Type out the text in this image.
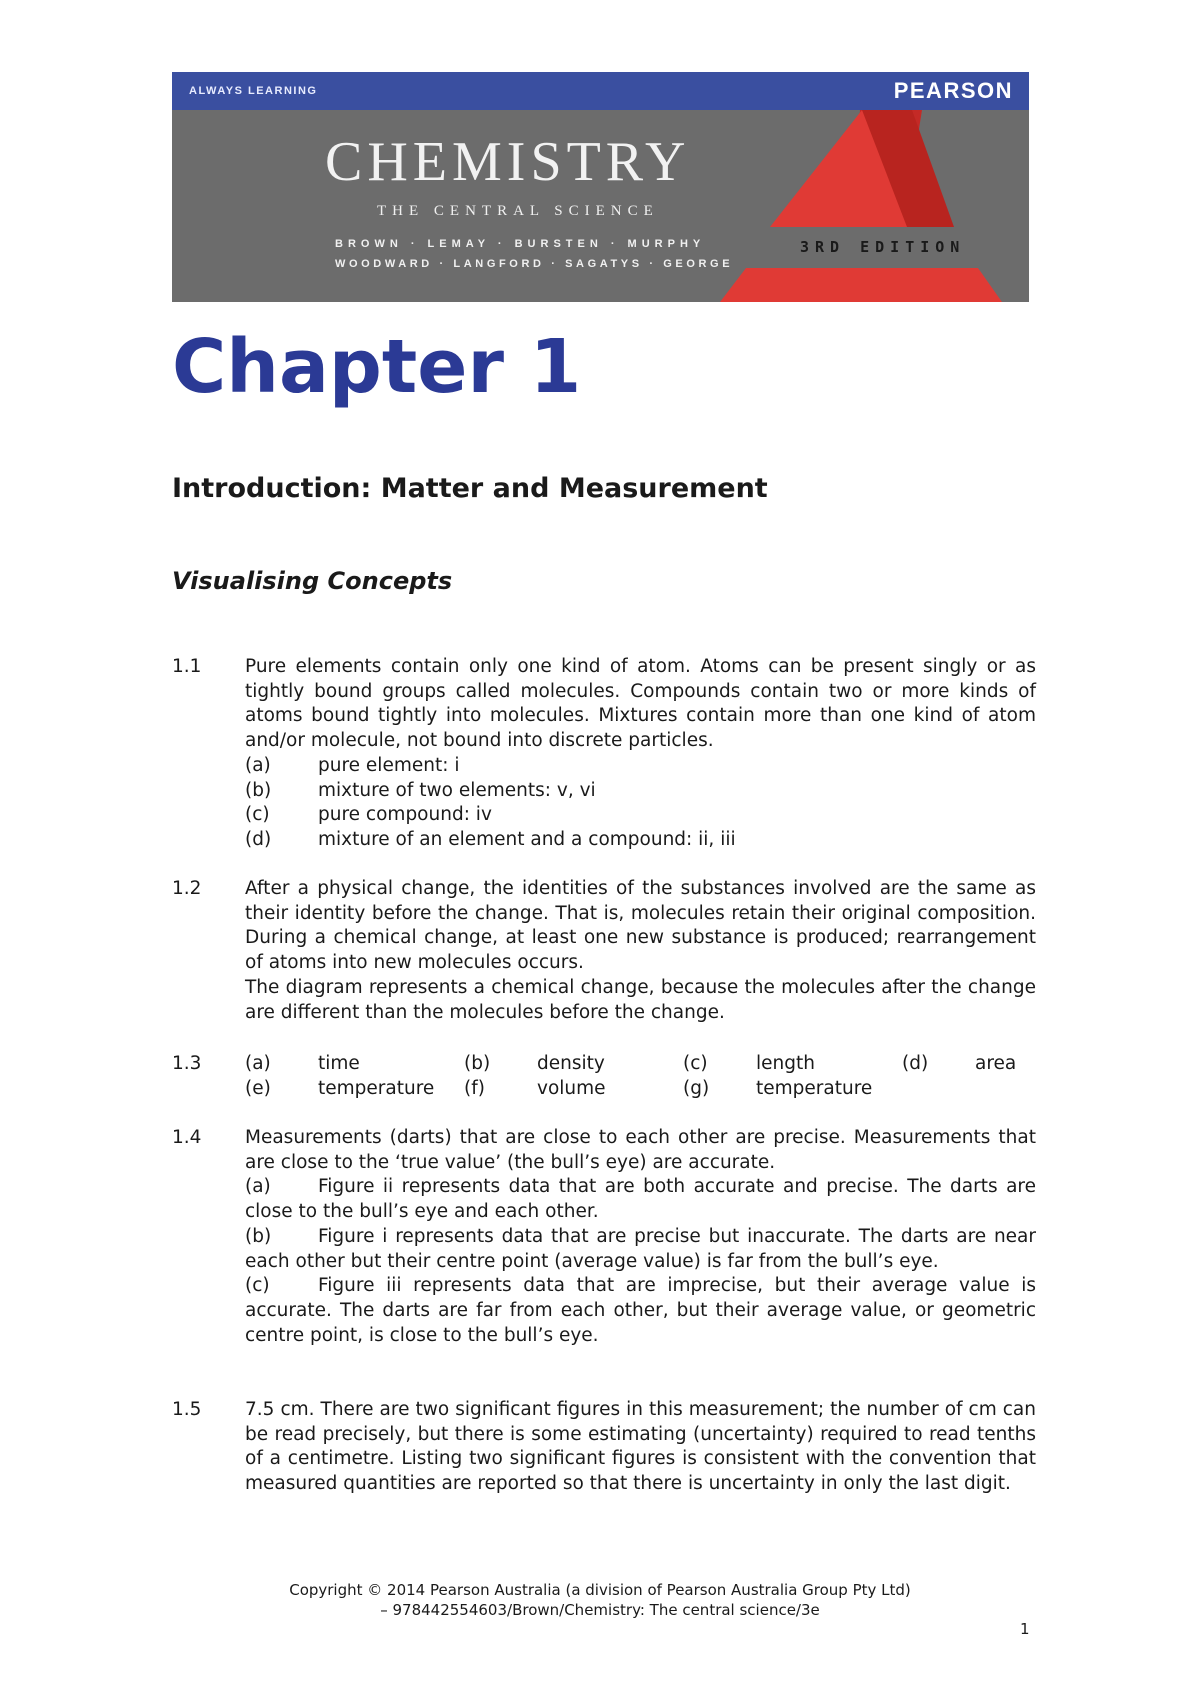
ALWAYS LEARNING	PEARSON
CHEMISTRY
THE CENTRAL SCIENCE
BROWN · LEMAY · BURSTEN · MURPHY
WOODWARD · LANGFORD · SAGATYS · GEORGE
3RD EDITION
Chapter 1
Introduction: Matter and Measurement
Visualising Concepts
1.1 Pure elements contain only one kind of atom. Atoms can be present singly or as tightly bound groups called molecules. Compounds contain two or more kinds of atoms bound tightly into molecules. Mixtures contain more than one kind of atom and/or molecule, not bound into discrete particles.

(a)	pure element: i
(b)	mixture of two elements: v, vi
(c)	pure compound: iv
(d)	mixture of an element and a compound: ii, iii
1.2 After a physical change, the identities of the substances involved are the same as their identity before the change. That is, molecules retain their original composition. During a chemical change, at least one new substance is produced; rearrangement of atoms into new molecules occurs.

The diagram represents a chemical change, because the molecules after the change are different than the molecules before the change.

1.3 (a)	time	(b)	density	(c)	length	(d)	area
(e)	temperature	(f)	volume	(g)	temperature
1.4 Measurements (darts) that are close to each other are precise. Measurements that are close to the ‘true value’ (the bull’s eye) are accurate.

(a)	Figure ii represents data that are both accurate and precise. The darts are close to the bull’s eye and each other.

(b)	Figure i represents data that are precise but inaccurate. The darts are near each other but their centre point (average value) is far from the bull’s eye.

(c)	Figure iii represents data that are imprecise, but their average value is accurate. The darts are far from each other, but their average value, or geometric centre point, is close to the bull’s eye.

1.5 7.5 cm. There are two significant figures in this measurement; the number of cm can be read precisely, but there is some estimating (uncertainty) required to read tenths of a centimetre. Listing two significant figures is consistent with the convention that measured quantities are reported so that there is uncertainty in only the last digit.

Copyright © 2014 Pearson Australia (a division of Pearson Australia Group Pty Ltd)
– 978442554603/Brown/Chemistry: The central science/3e
1
